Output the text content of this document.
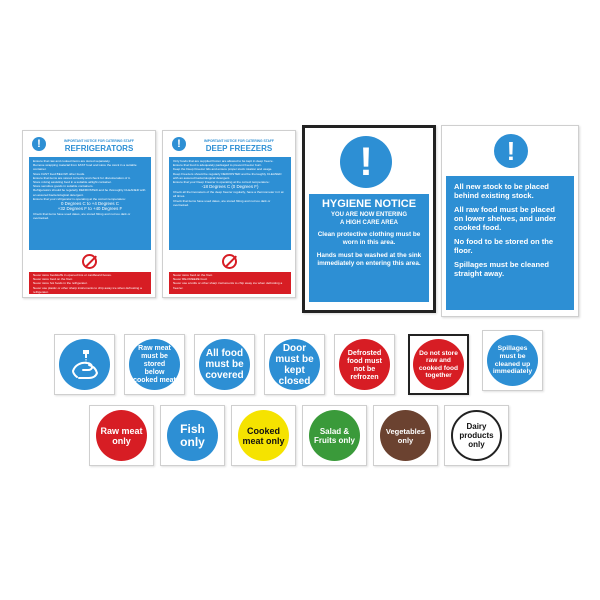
!	IMPORTANT NOTICE FOR CATERING STAFF
REFRIGERATORS

Ensure that raw and cooked items are stored separately.

Remove wrapping material from FAST food and store the stock in a suitable container.

Store FAST food BELOW other foods.

Ensure that items are stored correctly and check for discolouration of it.

Store mixing assisting food in a suitable airtight container.

Store sensitive goods in suitable containers.

Refrigerators should be regularly DEFROSTED and be thoroughly CLEANED with an assured bacteriological detergent.

Ensure that your refrigerator is operating at the correct temperature:

0 Degrees C to +4 Degrees C

+32 Degrees F to +40 Degrees F

Check that items have used dates, are stored fitting and not too dark or overlooked.

Never store foodstuffs in opened tins or cardboard boxes.

Never store food on the floor.

Never store hot foods in the refrigerator.

Never use plastic or other sharp instruments to chip away ice when defrosting a refrigerator.

!	IMPORTANT NOTICE FOR CATERING STAFF
DEEP FREEZERS

Only foods that are supplied frozen are allowed to be kept in deep freeze.

Ensure that food is adequately packaged to prevent freezer burn.

Keep the Deep Freezer lids and ensure proper stock rotation and usage.

Deep Freezers should be regularly DEFROSTED and be thoroughly CLEANED with an assured bacteriological detergent.

Ensure that your Deep Freezer is operating at the correct temperature:

-18 Degrees C (0 Degrees F)

Check all thermometers of the deep freezer regularly, have a thermometer in it at all times.

Check that items have used dates, are stored fitting and not too dark or overlooked.

Never store food on the floor.

Never RE-FREEZE food.

Never use a knife or other sharp instruments to chip away ice when defrosting a freezer.

!
HYGIENE NOTICE
YOU ARE NOW ENTERING
A HIGH CARE AREA
Clean protective clothing must be worn in this area.
Hands must be washed at the sink immediately on entering this area.
!
All new stock to be placed behind existing stock.
All raw food must be placed on lower shelves, and under cooked food.
No food to be stored on the floor.
Spillages must be cleaned straight away.
Raw meat must be stored below cooked meat
All food must be covered
Door must be kept closed
Defrosted food must not be refrozen
Do not store raw and cooked food together
Spillages must be cleaned up immediately
Raw meat only
Fish only
Cooked meat only
Salad & Fruits only
Vegetables only
Dairy products only
